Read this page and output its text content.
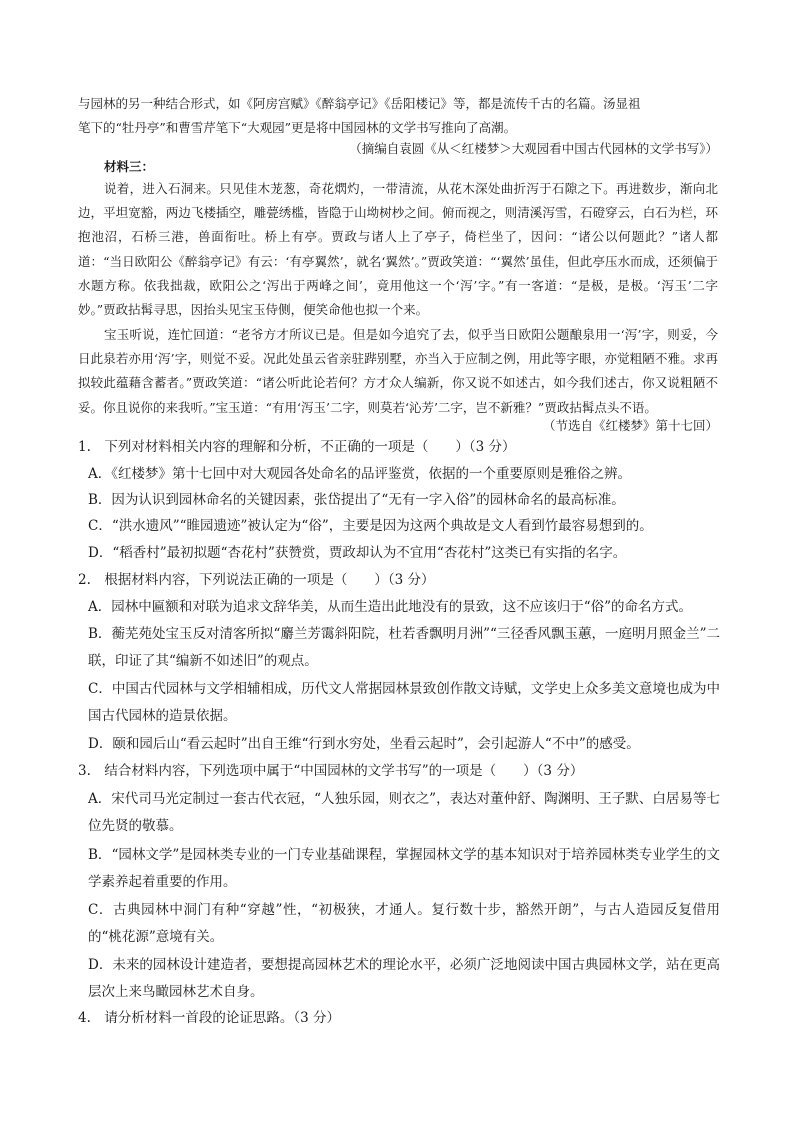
与园林的另一种结合形式，如《阿房宫赋》《醉翁亭记》《岳阳楼记》等，都是流传千古的名篇。汤显祖
笔下的“牡丹亭”和曹雪芹笔下“大观园”更是将中国园林的文学书写推向了高潮。
（摘编自袁圆《从＜红楼梦＞大观园看中国古代园林的文学书写》）
材料三：
说着，进入石洞来。只见佳木茏葱，奇花熌灼，一带清流，从花木深处曲折泻于石隙之下。再进数步，渐向北边，平坦宽豁，两边飞楼插空，雕甍绣槛，皆隐于山坳树杪之间。俯而视之，则清溪泻雪，石磴穿云，白石为栏，环抱池沼，石桥三港，兽面衔吐。桥上有亭。贾政与诸人上了亭子，倚栏坐了，因问：“诸公以何题此？”诸人都道：“当日欧阳公《醉翁亭记》有云：‘有亭翼然’，就名‘翼然’。”贾政笑道：“‘翼然’虽佳，但此亭压水而成，还须偏于水题方称。依我拙裁，欧阳公之‘泻出于两峰之间’，竟用他这一个‘泻’字。”有一客道：“是极，是极。‘泻玉’二字妙。”贾政拈髯寻思，因抬头见宝玉侍侧，便笑命他也拟一个来。
宝玉听说，连忙回道：“老爷方才所议已是。但是如今追究了去，似乎当日欧阳公题酿泉用一‘泻’字，则妥，今日此泉若亦用‘泻’字，则觉不妥。况此处虽云省亲驻跸别墅，亦当入于应制之例，用此等字眼，亦觉粗陋不雅。求再拟较此蕴藉含蓄者。”贾政笑道：“诸公听此论若何？方才众人编新，你又说不如述古，如今我们述古，你又说粗陋不妥。你且说你的来我听。”宝玉道：“有用‘泻玉’二字，则莫若‘沁芳’二字，岂不新雅？”贾政拈髯点头不语。
（节选自《红楼梦》第十七回）
1.　下列对材料相关内容的理解和分析，不正确的一项是（　　）（3 分）
A．《红楼梦》第十七回中对大观园各处命名的品评鉴赏，依据的一个重要原则是雅俗之辨。
B．因为认识到园林命名的关键因素，张岱提出了“无有一字入俗”的园林命名的最高标准。
C．“洪水遗风”“睢园遗迹”被认定为“俗”，主要是因为这两个典故是文人看到竹最容易想到的。
D．“稻香村”最初拟题“杏花村”获赞赏，贾政却认为不宜用“杏花村”这类已有实指的名字。
2.　根据材料内容，下列说法正确的一项是（　　）（3 分）
A．园林中匾额和对联为追求文辞华美，从而生造出此地没有的景致，这不应该归于“俗”的命名方式。
B．蘅芜苑处宝玉反对清客所拟“麝兰芳霭斜阳院，杜若香飘明月洲”“三径香风飘玉蕙，一庭明月照金兰”二联，印证了其“编新不如述旧”的观点。
C．中国古代园林与文学相辅相成，历代文人常据园林景致创作散文诗赋，文学史上众多美文意境也成为中国古代园林的造景依据。
D．颐和园后山“看云起时”出自王维“行到水穷处，坐看云起时”，会引起游人“不中”的感受。
3.　结合材料内容，下列选项中属于“中国园林的文学书写”的一项是（　　）（3 分）
A．宋代司马光定制过一套古代衣冠，“人独乐园，则衣之”，表达对董仲舒、陶渊明、王子默、白居易等七位先贤的敬慕。
B．“园林文学”是园林类专业的一门专业基础课程，掌握园林文学的基本知识对于培养园林类专业学生的文学素养起着重要的作用。
C．古典园林中洞门有种“穿越”性，“初极狭，才通人。复行数十步，豁然开朗”，与古人造园反复借用的“桃花源”意境有关。
D．未来的园林设计建造者，要想提高园林艺术的理论水平，必须广泛地阅读中国古典园林文学，站在更高层次上来鸟瞰园林艺术自身。
4.　请分析材料一首段的论证思路。（3 分）
